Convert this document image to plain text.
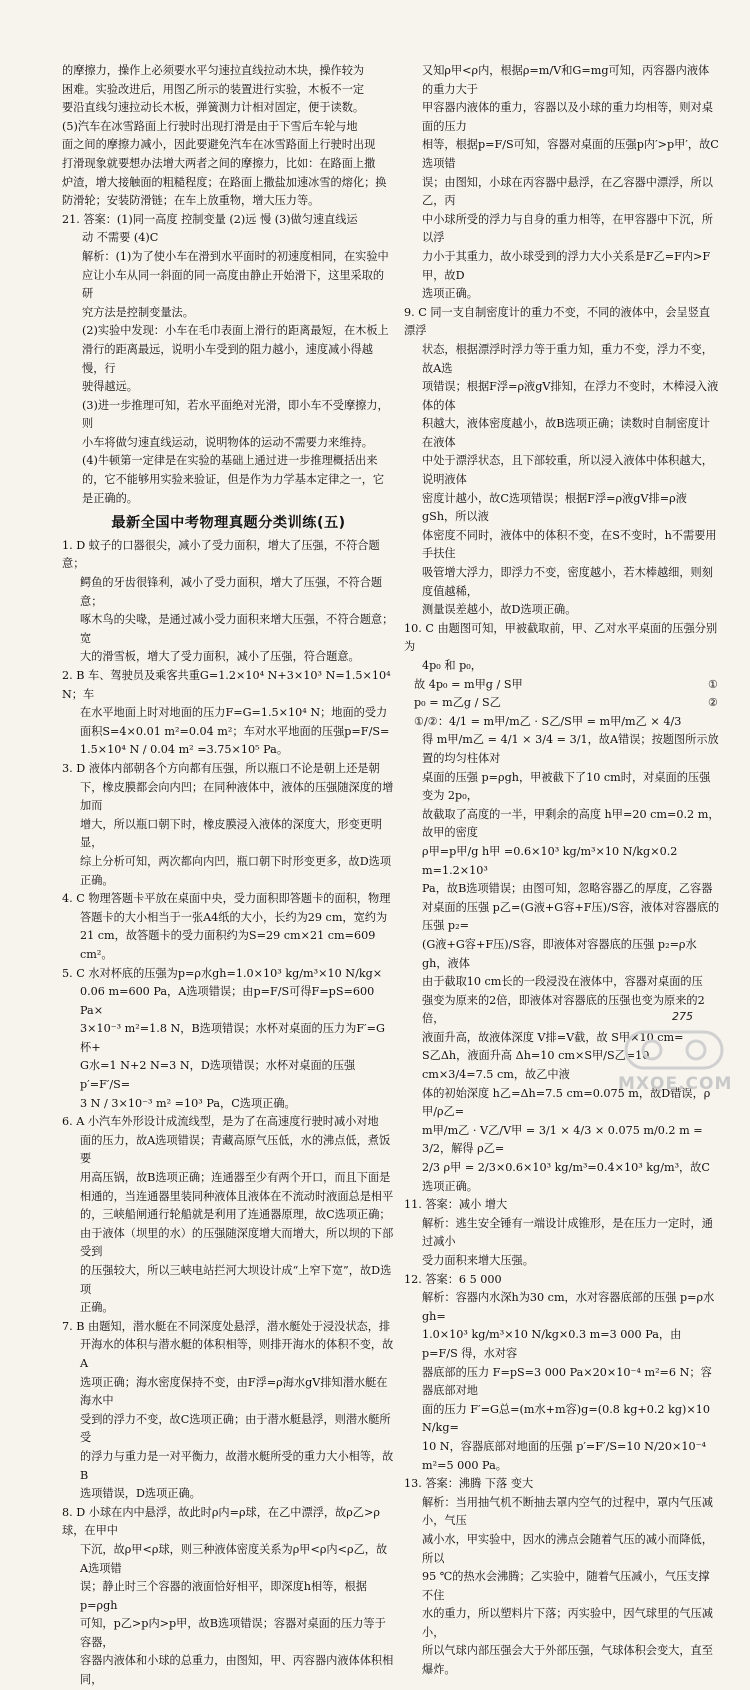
的摩擦力，操作上必须要水平匀速拉直线拉动木块，操作较为

困难。实验改进后，用图乙所示的装置进行实验，木板不一定

要沿直线匀速拉动长木板，弹簧测力计相对固定，便于读数。

(5)汽车在冰雪路面上行驶时出现打滑是由于下雪后车轮与地

面之间的摩擦力减小，因此要避免汽车在冰雪路面上行驶时出现

打滑现象就要想办法增大两者之间的摩擦力，比如：在路面上撒

炉渣，增大接触面的粗糙程度；在路面上撒盐加速冰雪的熔化；换

防滑轮；安装防滑链；在车上放重物，增大压力等。

21. 答案：(1)同一高度 控制变量 (2)远 慢 (3)做匀速直线运

动 不需要 (4)C

解析：(1)为了使小车在滑到水平面时的初速度相同，在实验中

应让小车从同一斜面的同一高度由静止开始滑下，这里采取的研

究方法是控制变量法。

(2)实验中发现：小车在毛巾表面上滑行的距离最短，在木板上

滑行的距离最远，说明小车受到的阻力越小，速度减小得越慢，行

驶得越远。

(3)进一步推理可知，若水平面绝对光滑，即小车不受摩擦力，则

小车将做匀速直线运动，说明物体的运动不需要力来维持。

(4)牛顿第一定律是在实验的基础上通过进一步推理概括出来

的，它不能够用实验来验证，但是作为力学基本定律之一，它是正确的。

最新全国中考物理真题分类训练(五)

1. D 蚊子的口器很尖，减小了受力面积，增大了压强，不符合题意；

鳄鱼的牙齿很锋利，减小了受力面积，增大了压强，不符合题意；

啄木鸟的尖喙，是通过减小受力面积来增大压强，不符合题意；宽

大的滑雪板，增大了受力面积，减小了压强，符合题意。

2. B 车、驾驶员及乘客共重G=1.2×10⁴ N+3×10³ N=1.5×10⁴ N；车

在水平地面上时对地面的压力F=G=1.5×10⁴ N；地面的受力

面积S=4×0.01 m²=0.04 m²；车对水平地面的压强p=F/S=

1.5×10⁴ N / 0.04 m² =3.75×10⁵ Pa。

3. D 液体内部朝各个方向都有压强，所以瓶口不论是朝上还是朝

下，橡皮膜都会向内凹；在同种液体中，液体的压强随深度的增加而

增大，所以瓶口朝下时，橡皮膜浸入液体的深度大，形变更明显，

综上分析可知，两次都向内凹，瓶口朝下时形变更多，故D选项

正确。

4. C 物理答题卡平放在桌面中央，受力面积即答题卡的面积，物理

答题卡的大小相当于一张A4纸的大小，长约为29 cm，宽约为

21 cm，故答题卡的受力面积约为S=29 cm×21 cm=609 cm²。

5. C 水对杯底的压强为p=ρ水gh=1.0×10³ kg/m³×10 N/kg×

0.06 m=600 Pa，A选项错误；由p=F/S可得F=pS=600 Pa×

3×10⁻³ m²=1.8 N，B选项错误；水杯对桌面的压力为F′=G杯+

G水=1 N+2 N=3 N，D选项错误；水杯对桌面的压强p′=F′/S=

3 N / 3×10⁻³ m² =10³ Pa，C选项正确。

6. A 小汽车外形设计成流线型，是为了在高速度行驶时减小对地

面的压力，故A选项错误；青藏高原气压低，水的沸点低，煮饭要

用高压锅，故B选项正确；连通器至少有两个开口，而且下面是

相通的，当连通器里装同种液体且液体在不流动时液面总是相平

的，三峡船闸通行轮船就是利用了连通器原理，故C选项正确；

由于液体（坝里的水）的压强随深度增大而增大，所以坝的下部受到

的压强较大，所以三峡电站拦河大坝设计成“上窄下宽”，故D选项

正确。

7. B 由题知，潜水艇在不同深度处悬浮，潜水艇处于浸没状态，排

开海水的体积与潜水艇的体积相等，则排开海水的体积不变，故A

选项正确；海水密度保持不变，由F浮=ρ海水gV排知潜水艇在海水中

受到的浮力不变，故C选项正确；由于潜水艇悬浮，则潜水艇所受

的浮力与重力是一对平衡力，故潜水艇所受的重力大小相等，故B

选项错误，D选项正确。

8. D 小球在内中悬浮，故此时ρ内=ρ球，在乙中漂浮，故ρ乙>ρ球，在甲中

下沉，故ρ甲<ρ球，则三种液体密度关系为ρ甲<ρ内<ρ乙，故A选项错

误；静止时三个容器的液面恰好相平，即深度h相等，根据p=ρgh

可知，p乙>p内>p甲，故B选项错误；容器对桌面的压力等于容器，

容器内液体和小球的总重力，由图知，甲、丙容器内液体体积相同，

又知ρ甲<ρ内，根据ρ=m/V和G=mg可知，丙容器内液体的重力大于

甲容器内液体的重力，容器以及小球的重力均相等，则对桌面的压力

相等，根据p=F/S可知，容器对桌面的压强p内′>p甲′，故C选项错

误；由图知，小球在丙容器中悬浮，在乙容器中漂浮，所以乙，丙

中小球所受的浮力与自身的重力相等，在甲容器中下沉，所以浮

力小于其重力，故小球受到的浮力大小关系是F乙=F内>F甲，故D

选项正确。

9. C 同一支自制密度计的重力不变，不同的液体中，会呈竖直漂浮

状态，根据漂浮时浮力等于重力知，重力不变，浮力不变，故A选

项错误；根据F浮=ρ液gV排知，在浮力不变时，木棒浸入液体的体

积越大，液体密度越小，故B选项正确；读数时自制密度计在液体

中处于漂浮状态，且下部较重，所以浸入液体中体积越大，说明液体

密度计越小，故C选项错误；根据F浮=ρ液gV排=ρ液gSh，所以液

体密度不同时，液体中的体积不变，在S不变时，h不需要用手扶住

吸管增大浮力，即浮力不变，密度越小，若木棒越细，则刻度值越稀，

测量误差越小，故D选项正确。

10. C 由题图可知，甲被截取前，甲、乙对水平桌面的压强分别为

4p₀ 和 p₀，

故 4p₀ = m甲g / S甲	①
p₀ = m乙g / S乙	②

①/②：4/1 = m甲/m乙 · S乙/S甲 = m甲/m乙 × 4/3

得 m甲/m乙 = 4/1 × 3/4 = 3/1，故A错误；按题图所示放置的均匀柱体对

桌面的压强 p=ρgh，甲被截下了10 cm时，对桌面的压强变为 2p₀，

故截取了高度的一半，甲剩余的高度 h甲=20 cm=0.2 m，故甲的密度

ρ甲=p甲/g h甲 =0.6×10³ kg/m³×10 N/kg×0.2 m=1.2×10³

Pa，故B选项错误；由图可知，忽略容器乙的厚度，乙容器

对桌面的压强 p乙=(G液+G容+F压)/S容，液体对容器底的压强 p₂=

(G液+G容+F压)/S容，即液体对容器底的压强 p₂=ρ水gh，液体

由于截取10 cm长的一段浸没在液体中，容器对桌面的压

强变为原来的2倍，即液体对容器底的压强也变为原来的2倍，

液面升高，故液体深度 V排=V截，故 S甲×10 cm=

S乙Δh，液面升高 Δh=10 cm×S甲/S乙=10 cm×3/4=7.5 cm，故乙中液

体的初始深度 h乙=Δh=7.5 cm=0.075 m，故D错误，ρ甲/ρ乙=

m甲/m乙 · V乙/V甲 = 3/1 × 4/3 × 0.075 m/0.2 m = 3/2，解得 ρ乙=

2/3 ρ甲 = 2/3×0.6×10³ kg/m³=0.4×10³ kg/m³，故C选项正确。

11. 答案：减小 增大

解析：逃生安全锤有一端设计成锥形，是在压力一定时，通过减小

受力面积来增大压强。

12. 答案：6 5 000

解析：容器内水深h为30 cm，水对容器底部的压强 p=ρ水gh=

1.0×10³ kg/m³×10 N/kg×0.3 m=3 000 Pa，由 p=F/S 得，水对容

器底部的压力 F=pS=3 000 Pa×20×10⁻⁴ m²=6 N；容器底部对地

面的压力 F′=G总=(m水+m容)g=(0.8 kg+0.2 kg)×10 N/kg=

10 N，容器底部对地面的压强 p′=F′/S=10 N/20×10⁻⁴ m²=5 000 Pa。

13. 答案：沸腾 下落 变大

解析：当用抽气机不断抽去罩内空气的过程中，罩内气压减小，气压

减小水，甲实验中，因水的沸点会随着气压的减小而降低，所以

95 ℃的热水会沸腾；乙实验中，随着气压减小，气压支撑不住

水的重力，所以塑料片下落；丙实验中，因气球里的气压减小，

所以气球内部压强会大于外部压强，气球体积会变大，直至爆炸。

275
MXQE.COM
